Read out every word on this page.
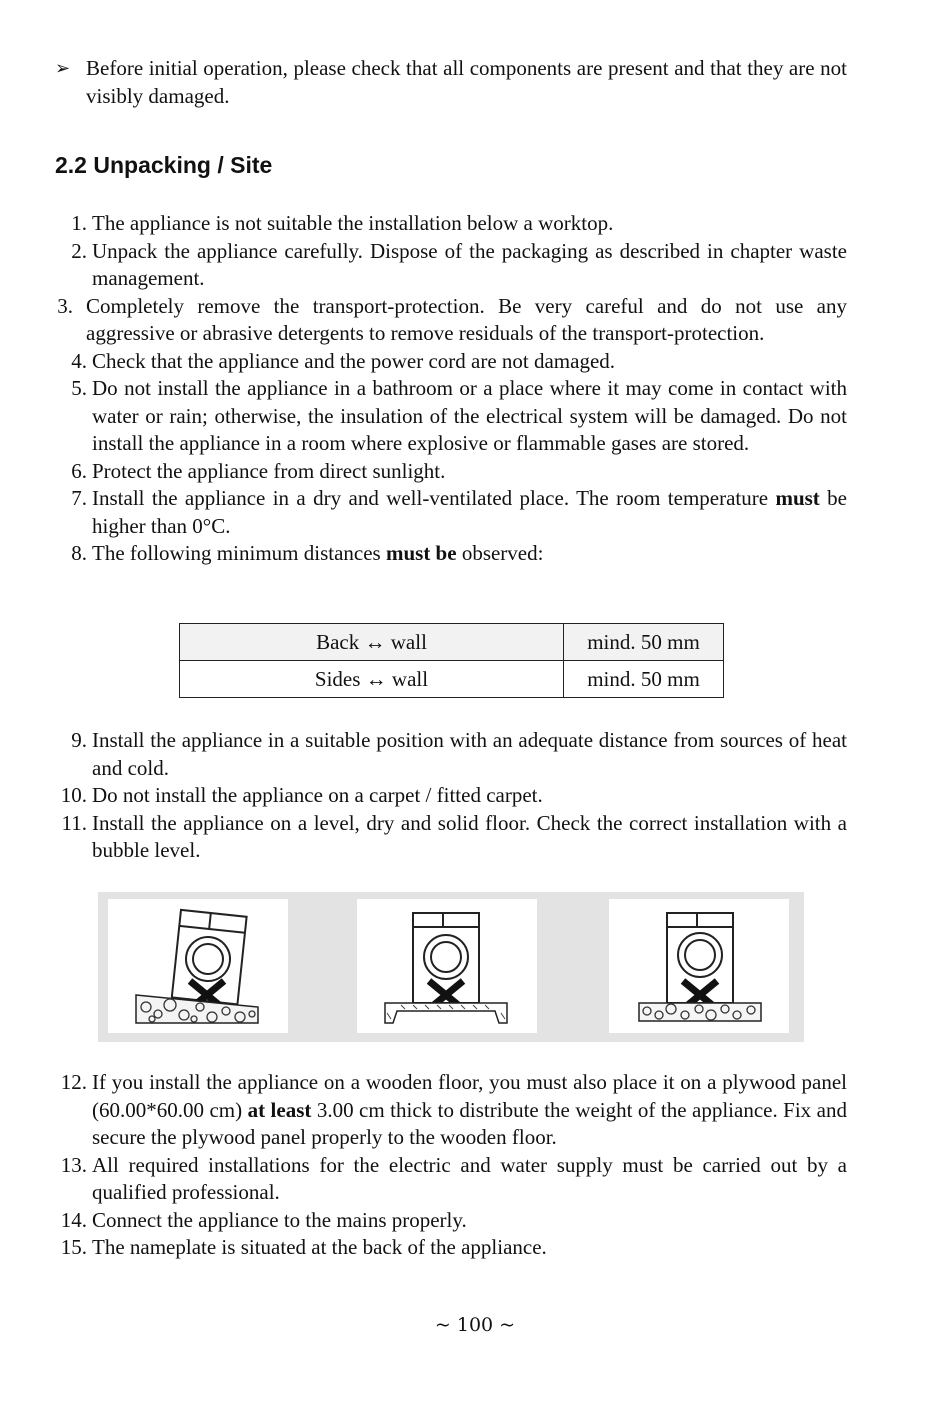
➢ Before initial operation, please check that all components are present and that they are not visibly damaged.
2.2 Unpacking / Site
1. The appliance is not suitable the installation below a worktop.
2. Unpack the appliance carefully. Dispose of the packaging as described in chapter waste management.
3. Completely remove the transport-protection. Be very careful and do not use any aggressive or abrasive detergents to remove residuals of the transport-protection.
4. Check that the appliance and the power cord are not damaged.
5. Do not install the appliance in a bathroom or a place where it may come in contact with water or rain; otherwise, the insulation of the electrical system will be damaged. Do not install the appliance in a room where explosive or flammable gases are stored.
6. Protect the appliance from direct sunlight.
7. Install the appliance in a dry and well-ventilated place. The room temperature must be higher than 0°C.
8. The following minimum distances must be observed:
Back ↔ wall	mind. 50 mm
Sides ↔ wall	mind. 50 mm
9. Install the appliance in a suitable position with an adequate distance from sources of heat and cold.
10. Do not install the appliance on a carpet / fitted carpet.
11. Install the appliance on a level, dry and solid floor. Check the correct installation with a bubble level.
12. If you install the appliance on a wooden floor, you must also place it on a plywood panel (60.00*60.00 cm) at least 3.00 cm thick to distribute the weight of the appliance. Fix and secure the plywood panel properly to the wooden floor.
13. All required installations for the electric and water supply must be carried out by a qualified professional.
14. Connect the appliance to the mains properly.
15. The nameplate is situated at the back of the appliance.
~ 100 ~
